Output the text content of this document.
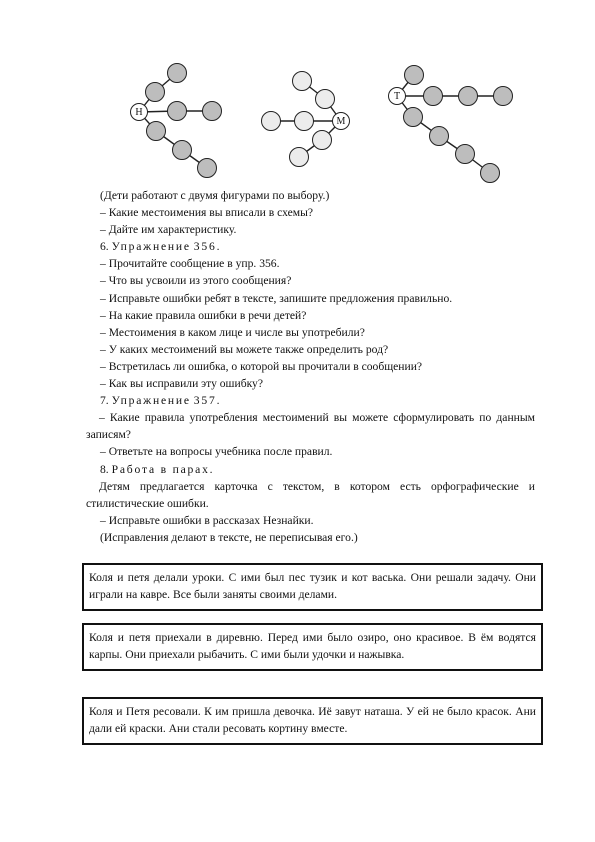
Н
М
Т
(Дети работают с двумя фигурами по выбору.)
– Какие местоимения вы вписали в схемы?
– Дайте им характеристику.
6. Упражнение 356.
– Прочитайте сообщение в упр. 356.
– Что вы усвоили из этого сообщения?
– Исправьте ошибки ребят в тексте, запишите предложения правильно.
– На какие правила ошибки в речи детей?
– Местоимения в каком лице и числе вы употребили?
– У каких местоимений вы можете также определить род?
– Встретилась ли ошибка, о которой вы прочитали в сообщении?
– Как вы исправили эту ошибку?
7. Упражнение 357.
– Какие правила употребления местоимений вы можете сформулировать по данным записям?
– Ответьте на вопросы учебника после правил.
8. Работа в парах.
Детям предлагается карточка с текстом, в котором есть орфографические и стилистические ошибки.
– Исправьте ошибки в рассказах Незнайки.
(Исправления делают в тексте, не переписывая его.)
Коля и петя делали уроки. С ими был пес тузик и кот васька. Они решали задачу. Они играли на кавре. Все были заняты своими делами.
Коля и петя приехали в диревню. Перед ими было озиро, оно красивое. В ём водятся карпы. Они приехали рыбачить. С ими были удочки и нажывка.
Коля и Петя ресовали. К им пришла девочка. Иё завут наташа. У ей не было красок. Ани дали ей краски. Ани стали ресовать кортину вместе.
